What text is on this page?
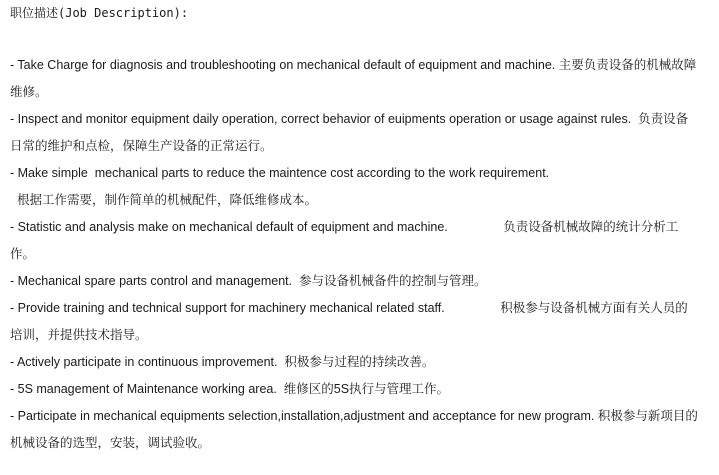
职位描述(Job Description):
- Take Charge for diagnosis and troubleshooting on mechanical default of equipment and machine. 主要负责设备的机械故障维修。
- Inspect and monitor equipment daily operation, correct behavior of euipments operation or usage against rules.  负责设备日常的维护和点检，保障生产设备的正常运行。
- Make simple  mechanical parts to reduce the maintence cost according to the work requirement.
根据工作需要，制作简单的机械配件，降低维修成本。
- Statistic and analysis make on mechanical default of equipment and machine.                负责设备机械故障的统计分析工作。
- Mechanical spare parts control and management.  参与设备机械备件的控制与管理。
- Provide training and technical support for machinery mechanical related staff.                积极参与设备机械方面有关人员的培训，并提供技术指导。
- Actively participate in continuous improvement.  积极参与过程的持续改善。
- 5S management of Maintenance working area.  维修区的5S执行与管理工作。
- Participate in mechanical equipments selection,installation,adjustment and acceptance for new program. 积极参与新项目的机械设备的选型，安装，调试验收。
